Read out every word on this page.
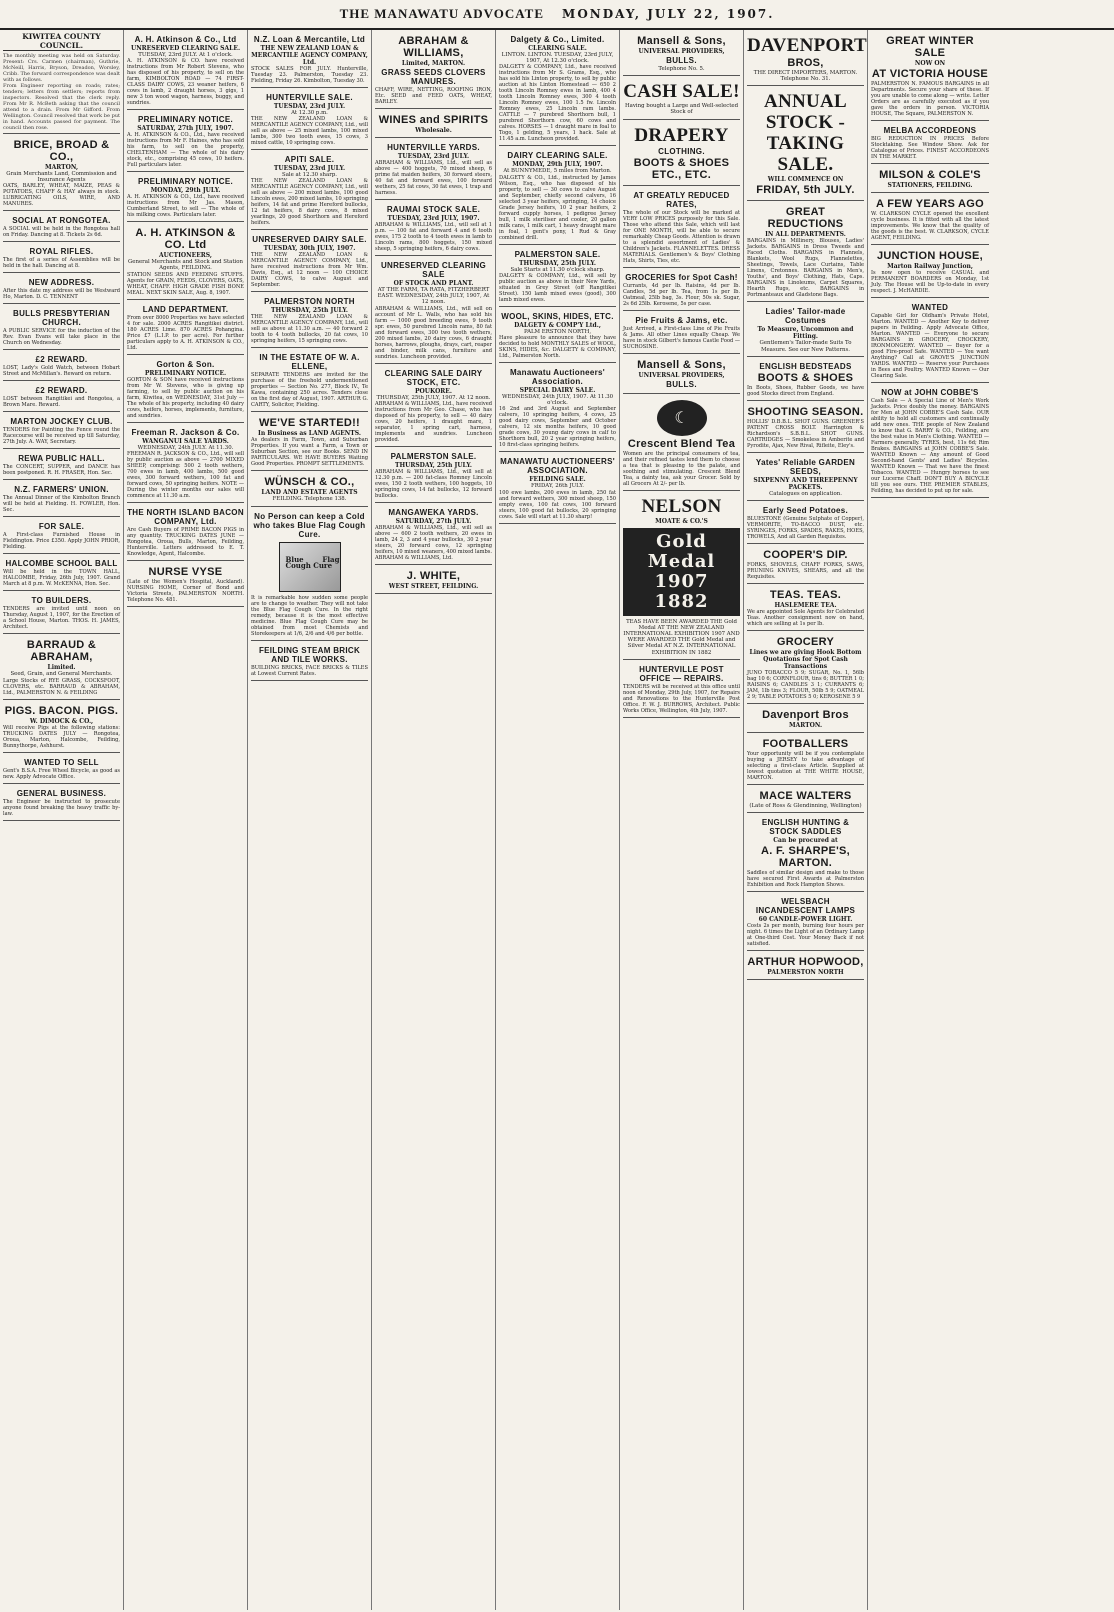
THE MANAWATU ADVOCATE MONDAY, JULY 22, 1907.
KIWITEA COUNTY COUNCIL.
The monthly meeting was held on Saturday. Present: Crs. Carmen (chairman), Guthrie, McNeill, Harris, Bryson, Dreadon, Worsley, Cribb. The forward correspondence was dealt with as follows.
From Engineer reporting on roads; rates; tenders; letters from settlers; reports from inspectors. Resolved that the clerk reply. From Mr R. McBeth asking that the council attend to a drain. From Mr Gifford. From Wellington. Council resolved that work be put in hand. Accounts passed for payment. The council then rose.
BRICE, BROAD & CO.,
MARTON,
Grain Merchants Land, Commission and Insurance Agents
OATS, BARLEY, WHEAT, MAIZE, PEAS & POTATOES, CHAFF & HAY always in stock. LUBRICATING OILS, WIRE, AND MANURES.
SOCIAL AT RONGOTEA.
A SOCIAL will be held in the Rongotea hall on Friday. Dancing at 8. Tickets 2s 6d.
ROYAL RIFLES.
The first of a series of Assemblies will be held in the hall. Dancing at 8.
NEW ADDRESS.
After this date my address will be Westward Ho, Marton. D. C. TENNENT
BULLS PRESBYTERIAN CHURCH.
A PUBLIC SERVICE for the induction of the Rev. Evan Evans will take place in the Church on Wednesday.
£2 REWARD.
LOST, Lady's Gold Watch, between Hobart Street and McMillan's. Reward on return.
£2 REWARD.
LOST between Rangitikei and Rongotea, a Brown Mare. Reward.
MARTON JOCKEY CLUB.
TENDERS for Painting the Fence round the Racecourse will be received up till Saturday, 27th July. A. WAY, Secretary.
REWA PUBLIC HALL.
The CONCERT, SUPPER, and DANCE has been postponed. R. H. FRASER, Hon. Sec.
N.Z. FARMERS' UNION.
The Annual Dinner of the Kimbolton Branch will be held at Fielding. H. FOWLER, Hon. Sec.
FOR SALE.
A First-class Furnished House in Fieldington. Price £350. Apply JOHN PRIOR, Fielding.
HALCOMBE SCHOOL BALL
Will be held in the TOWN HALL, HALCOMBE, Friday, 26th July, 1907. Grand March at 8 p.m. W. McKENNA, Hon. Sec.
TO BUILDERS.
TENDERS are invited until noon on Thursday, August 1, 1907, for the Erection of a School House, Marton. THOS. H. JAMES, Architect.
BARRAUD & ABRAHAM,
Limited.
Seed, Grain, and General Merchants.
Large Stocks of RYE GRASS, COCKSFOOT, CLOVERS, etc. BARRAUD & ABRAHAM, Ltd., PALMERSTON N. & FEILDING
PIGS. BACON. PIGS.
W. DIMOCK & CO.,
Will receive Pigs at the following stations: TRUCKING DATES JULY — Rongotea, Oroua, Marton, Halcombe, Feilding, Bunnythorpe, Ashhurst.
WANTED TO SELL
Gent's B.S.A. Free Wheel Bicycle, as good as new. Apply Advocate Office.
GENERAL BUSINESS.
The Engineer be instructed to prosecute anyone found breaking the heavy traffic by-law.
A. H. Atkinson & Co., Ltd
UNRESERVED CLEARING SALE.
TUESDAY, 23rd JULY. At 1 o'clock.
A. H. ATKINSON & CO. have received instructions from Mr Robert Stevens, who has disposed of his property, to sell on the farm, KIMBOLTON ROAD — 74 FIRST-CLASS DAIRY COWS, 23 weaner heifers, 6 cows in lamb, 2 draught horses, 3 gigs, 1 new 3 ton wood wagon, harness, buggy, and sundries.
PRELIMINARY NOTICE.
SATURDAY, 27th JULY, 1907.
A. H. ATKINSON & CO., Ltd., have received instructions from Mr F. Haines, who has sold his farm, to sell on the property, CHELTENHAM — The whole of his dairy stock, etc., comprising 45 cows, 10 heifers. Full particulars later.
PRELIMINARY NOTICE.
MONDAY, 29th JULY.
A. H. ATKINSON & CO., Ltd., have received instructions from Mr Jas. Mason, Cumberland Street, to sell — The whole of his milking cows. Particulars later.
A. H. ATKINSON & CO. Ltd
AUCTIONEERS,
General Merchants and Stock and Station Agents, FEILDING.
STATION SEEDS AND FEEDING STUFFS. Agents for GRAIN, FEEDS, CLOVERS, OATS, WHEAT, CHAFF. HIGH GRADE FISH BONE MEAL. NEXT SKIN SALE, Aug. 8, 1907.
LAND DEPARTMENT.
From over 8000 Properties we have selected 4 for sale. 2000 ACRES Rangitikei district. 180 ACRES Lime. 870 ACRES Pohangina. Price £7 (L.I.P. to per acre). For further particulars apply to A. H. ATKINSON & CO., Ltd.
Gorton & Son.
PRELIMINARY NOTICE.
GORTON & SON have received instructions from Mr W. Stevens, who is giving up farming, to sell by public auction on his farm, Kiwitea, on WEDNESDAY, 31st July — The whole of his property, including 40 dairy cows, heifers, horses, implements, furniture, and sundries.
Freeman R. Jackson & Co.
WANGANUI SALE YARDS.
WEDNESDAY, 24th JULY. At 11.30.
FREEMAN R. JACKSON & CO., Ltd., will sell by public auction as above — 2700 MIXED SHEEP, comprising: 500 2 tooth wethers, 700 ewes in lamb, 400 lambs, 500 good ewes, 300 forward wethers, 100 fat and forward cows, 50 springing heifers. NOTE — During the winter months our sales will commence at 11.30 a.m.
THE NORTH ISLAND BACON COMPANY, Ltd.
Are Cash Buyers of PRIME BACON PIGS in any quantity. TRUCKING DATES JUNE — Rongotea, Oroua, Bulls, Marton, Feilding, Hunterville. Letters addressed to E. T. Knowledge, Agent, Halcombe.
NURSE VYSE
(Late of the Women's Hospital, Auckland). NURSING HOME, Corner of Bond and Victoria Streets, PALMERSTON NORTH. Telephone No. 481.
N.Z. Loan & Mercantile, Ltd
THE NEW ZEALAND LOAN & MERCANTILE AGENCY COMPANY, Ltd.
STOCK SALES FOR JULY. Hunterville, Tuesday 23. Palmerston, Tuesday 23. Fielding, Friday 26. Kimbolton, Tuesday 30.
HUNTERVILLE SALE.
TUESDAY, 23rd JULY.
At 12.30 p.m.
THE NEW ZEALAND LOAN & MERCANTILE AGENCY COMPANY, Ltd., will sell as above — 25 mixed lambs, 100 mixed lambs, 300 two tooth ewes, 15 cows, 3 mixed cattle, 10 springing cows.
APITI SALE.
TUESDAY, 23rd JULY.
Sale at 12.30 sharp.
THE NEW ZEALAND LOAN & MERCANTILE AGENCY COMPANY, Ltd., will sell as above — 200 mixed lambs, 100 good Lincoln ewes, 200 mixed lambs, 10 springing heifers, 14 fat and prime Hereford bullocks, 12 fat heifers, 8 dairy cows, 8 mixed yearlings, 20 good Shorthorn and Hereford heifers.
UNRESERVED DAIRY SALE.
TUESDAY, 30th JULY, 1907.
THE NEW ZEALAND LOAN & MERCANTILE AGENCY COMPANY, Ltd., have received instructions from Mr Wm. Davis, Esq., at 12 noon — 100 CHOICE DAIRY COWS, to calve August and September.
PALMERSTON NORTH
THURSDAY, 25th JULY.
THE NEW ZEALAND LOAN & MERCANTILE AGENCY COMPANY, Ltd., will sell as above at 11.30 a.m. — 40 forward 2 tooth to 4 tooth bullocks, 20 fat cows, 10 springing heifers, 15 springing cows.
IN THE ESTATE OF W. A. ELLENE,
SEPARATE TENDERS are invited for the purchase of the freehold undermentioned properties — Section No. 277, Block IV., Te Kawa, containing 250 acres. Tenders close on the first day of August, 1907. ARTHUR G. CARTY, Solicitor, Fielding.
WE'VE STARTED!!
In Business as LAND AGENTS.
As dealers in Farm, Town, and Suburban Properties. If you want a Farm, a Town or Suburban Section, see our Books. SEND IN PARTICULARS. WE HAVE BUYERS Waiting Good Properties. PROMPT SETTLEMENTS.
WÜNSCH & CO.,
LAND AND ESTATE AGENTS
FEILDING. Telephone 138.
No Person can keep a Cold who takes Blue Flag Cough Cure.
Blue Flag Cough Cure
It is remarkable how sudden some people are to change to weather. They will not take the Blue Flag Cough Cure. In the right remedy, because it is the most effective medicine. Blue Flag Cough Cure may be obtained from most Chemists and Storekeepers at 1/6, 2/6 and 4/6 per bottle.
FEILDING STEAM BRICK AND TILE WORKS.
BUILDING BRICKS, FACE BRICKS & TILES at Lowest Current Rates.
ABRAHAM & WILLIAMS,
Limited, MARTON.
GRASS SEEDS CLOVERS MANURES.
CHAFF, WIRE, NETTING, ROOFING IRON, Etc. SEED and FEED OATS, WHEAT, BARLEY.
WINES and SPIRITS
Wholesale.
HUNTERVILLE YARDS.
TUESDAY, 23rd JULY.
ABRAHAM & WILLIAMS, Ltd., will sell as above — 400 hoggets, 70 mixed sheep, 6 prime fat maiden heifers, 30 forward steers, 40 fat and forward ewes, 100 forward wethers, 25 fat cows, 30 fat ewes, 1 trap and harness.
RAUMAI STOCK SALE.
TUESDAY, 23rd JULY, 1907.
ABRAHAM & WILLIAMS, Ltd., will sell at 1 p.m. — 100 fat and forward 4 and 6 tooth ewes, 175 2 tooth to 4 tooth ewes in lamb to Lincoln rams, 800 hoggets, 150 mixed sheep, 5 springing heifers, 6 dairy cows.
UNRESERVED CLEARING SALE
OF STOCK AND PLANT.
AT THE FARM, TA RATA, FITZHERBERT EAST. WEDNESDAY, 24th JULY, 1907, At 12 noon.
ABRAHAM & WILLIAMS, Ltd., will sell on account of Mr L. Walls, who has sold his farm — 1000 good breeding ewes, 9 tooth spr. ewes, 50 purebred Lincoln rams, 80 fat and forward ewes, 300 two tooth wethers, 200 mixed lambs, 20 dairy cows, 6 draught horses, harrows, ploughs, drays, cart, reaper and binder, milk cans, furniture and sundries. Luncheon provided.
CLEARING SALE DAIRY STOCK, ETC.
POUKORE.
THURSDAY, 25th JULY, 1907. At 12 noon.
ABRAHAM & WILLIAMS, Ltd., have received instructions from Mr Geo. Chase, who has disposed of his property, to sell — 40 dairy cows, 20 heifers, 1 draught mare, 1 separator, 1 spring cart, harness, implements and sundries. Luncheon provided.
PALMERSTON SALE.
THURSDAY, 25th JULY.
ABRAHAM & WILLIAMS, Ltd., will sell at 12.30 p.m. — 200 fat-class Romney Lincoln ewes, 150 2 tooth wethers, 100 hoggets, 10 springing cows, 14 fat bullocks, 12 forward bullocks.
MANGAWEKA YARDS.
SATURDAY, 27th JULY.
ABRAHAM & WILLIAMS, Ltd., will sell as above — 600 2 tooth wethers, 20 ewes in lamb, 24 2, 3 and 4 year bullocks, 30 2 year steers, 20 forward cows, 12 springing heifers, 10 mixed weaners, 400 mixed lambs. ABRAHAM & WILLIAMS, Ltd.
J. WHITE,
WEST STREET, FEILDING.
Dalgety & Co., Limited.
CLEARING SALE.
LINTON. LINTON. TUESDAY, 23rd JULY, 1907, At 12.30 o'clock.
DALGETY & COMPANY, Ltd., have received instructions from Mr S. Grams, Esq., who has sold his Linton property, to sell by public auction at his Linton Homestead — 650 2 tooth Lincoln Romney ewes in lamb, 400 4 tooth Lincoln Romney ewes, 300 4 tooth Lincoln Romney ewes, 100 1.5 fw. Lincoln Romney ewes, 25 Lincoln ram lambs. CATTLE — 7 purebred Shorthorn bull, 1 purebred Shorthorn cow, 60 cows and calves. HORSES — 1 draught mare in foal to Togo, 1 gelding, 5 years, 1 hack. Sale at 11.45 a.m. Luncheon provided.
DAIRY CLEARING SALE.
MONDAY, 29th JULY, 1907.
At BUNNYMEDE, 5 miles from Marton.
DALGETY & CO., Ltd., instructed by James Wilson, Esq., who has disposed of his property, to sell — 30 cows to calve August and September, chiefly second calvers, 16 selected 3 year heifers, springing, 14 choice Grade Jersey heifers, 10 2 year heifers, 2 forward cupply horses, 1 pedigree Jersey bull, 1 milk steriliser and cooler, 20 gallon milk cans, 1 milk cart, 1 heavy draught mare in foal, 1 gent's pony, 1 Rud & Gray combined drill.
PALMERSTON SALE.
THURSDAY, 25th JULY.
Sale Starts at 11.30 o'clock sharp.
DALGETY & COMPANY, Ltd., will sell by public auction as above in their New Yards, situated in Grey Street (off Rangitikei Street). 150 lamb mixed ewes (good), 300 lamb mixed ewes.
WOOL, SKINS, HIDES, ETC.
DALGETY & COMP'Y Ltd.,
PALM ERSTON NORTH,
Have pleasure to announce that they have decided to hold MONTHLY SALES of WOOL, SKINS, HIDES, &c. DALGETY & COMPANY, Ltd., Palmerston North.
Manawatu Auctioneers' Association.
SPECIAL DAIRY SALE.
WEDNESDAY, 24th JULY, 1907. At 11.30 o'clock.
16 2nd and 3rd August and September calvers, 10 springing heifers, 4 cows, 25 good dairy cows, September and October calvers, 12 six months heifers, 10 good grade cows, 30 young dairy cows in calf to Shorthorn bull, 20 2 year springing heifers, 10 first-class springing heifers.
MANAWATU AUCTIONEERS' ASSOCIATION.
FEILDING SALE.
FRIDAY, 26th JULY.
100 ewe lambs, 200 ewes in lamb, 250 fat and forward wethers, 300 mixed sheep, 150 empty ewes, 100 fat cows, 100 forward steers, 100 good fat bullocks, 20 springing cows. Sale will start at 11.30 sharp!
Mansell & Sons,
UNIVERSAL PROVIDERS,
BULLS.
Telephone No. 5.
CASH SALE!
Having bought a Large and Well-selected Stock of
DRAPERY
CLOTHING.
BOOTS & SHOES ETC., ETC.
AT GREATLY REDUCED RATES,
The whole of our Stock will be marked at VERY LOW PRICES purposely for this Sale. Those who attend this Sale, which will last for ONE MONTH, will be able to secure remarkably Cheap Goods. Attention is drawn to a splendid assortment of Ladies' & Children's Jackets. FLANNELETTES. DRESS MATERIALS. Gentlemen's & Boys' Clothing Hats, Shirts, Ties, etc.
GROCERIES for Spot Cash!
Currants, 4d per lb. Raisins, 4d per lb. Candles, 5d per lb. Tea, from 1s per lb. Oatmeal, 25lb bag, 3s. Flour, 50s sk. Sugar, 2s 6d 25lb. Kerosene, 5s per case.
Pie Fruits & Jams, etc.
Just Arrived, a First-class Line of Pie Fruits & Jams. All other Lines equally Cheap. We have in stock Gilbert's famous Castle Food — SUCROSINE.
Mansell & Sons,
UNIVERSAL PROVIDERS,
BULLS.
☾
Crescent Blend Tea
Women are the principal consumers of tea, and their refined tastes lend them to choose a tea that is pleasing to the palate, and soothing and stimulating. Crescent Blend Tea, a dainty tea, ask your Grocer. Sold by all Grocers At 2/- per lb.
NELSON
MOATE & CO.'S
Gold Medal
1907
1882
TEAS HAVE BEEN AWARDED THE Gold Medal AT THE NEW ZEALAND INTERNATIONAL EXHIBITION 1907 AND WERE AWARDED THE Gold Medal and Silver Medal AT N.Z. INTERNATIONAL EXHIBITION IN 1882
HUNTERVILLE POST OFFICE — REPAIRS.
TENDERS will be received at this office until noon of Monday, 29th July, 1907, for Repairs and Renovations to the Hunterville Post Office. F. W. J. BURROWS, Architect. Public Works Office, Wellington, 4th July, 1907.
DAVENPORT
BROS,
THE DIRECT IMPORTERS, MARTON. Telephone No. 31.
ANNUAL STOCK - TAKING SALE.
WILL COMMENCE ON
FRIDAY, 5th JULY.
GREAT REDUCTIONS
IN ALL DEPARTMENTS.
BARGAINS in Millinery, Blouses, Ladies' Jackets. BARGAINS in Dress Tweeds and Faced Cloths. BARGAINS in Flannels, Blankets, Wool Rugs, Flannelettes, Sheetings, Towels, Lace Curtains, Table Linens, Cretonnes. BARGAINS in Men's, Youths', and Boys' Clothing, Hats, Caps. BARGAINS in Linoleums, Carpet Squares, Hearth Rugs, etc. BARGAINS in Portmanteaux and Gladstone Bags.
Ladies' Tailor-made Costumes
To Measure, Uncommon and Fitting.
Gentlemen's Tailor-made Suits To Measure. See our New Patterns.
ENGLISH BEDSTEADS
BOOTS & SHOES
In Boots, Shoes, Rubber Goods, we have good Stocks direct from England.
SHOOTING SEASON.
HOLLIS' D.B.B.L. SHOT GUNS. GREENER'S PATENT CROSS BOLT. Harrington & Richardson's S.B.B.L. SHOT GUNS. CARTRIDGES — Smokeless in Amberite and Pyrodite, Ajax, New Rival, Rifleite, Eley's.
Yates' Reliable GARDEN SEEDS,
SIXPENNY AND THREEPENNY PACKETS.
Catalogues on application.
Early Seed Potatoes.
BLUESTONE (Genuine Sulphate of Copper), VERMORITE, TO-BACCO DUST, etc. SYRINGES, FORKS, SPADES, RAKES, HOES, TROWELS, And all Garden Requisites.
COOPER'S DIP.
FORKS, SHOVELS, CHAFF FORKS, SAWS, PRUNING KNIVES, SHEARS, and all the Requisites.
TEAS. TEAS.
HASLEMERE TEA.
We are appointed Sole Agents for Celebrated Teas. Another consignment now on hand, which are selling at 1s per lb.
GROCERY
Lines we are giving Hook Bottom Quotations for Spot Cash Transactions
JUNO TOBACCO 5 9; SUGAR, No. 1, 56lb bag 10 6; CORNFLOUR, tins 6; BUTTER 1 0; RAISINS 6; CANDLES 3 1; CURRANTS 6; JAM, 1lb tins 3; FLOUR, 50lb 5 9; OATMEAL 2 9; TABLE POTATOES 5 0; KEROSENE 5 9
Davenport Bros
MARTON.
FOOTBALLERS
Your opportunity will be if you contemplate buying a JERSEY to take advantage of selecting a first-class Article. Supplied at lowest quotation at THE WHITE HOUSE, MARTON.
MACE WALTERS
(Late of Ross & Glendinning, Wellington)
ENGLISH HUNTING & STOCK SADDLES
Can be procured at
A. F. SHARPE'S, MARTON.
Saddles of similar design and make to those have secured First Awards at Palmerston Exhibition and Rock Hampton Shows.
WELSBACH INCANDESCENT LAMPS
60 CANDLE-POWER LIGHT.
Costs 2s per month, burning four hours per night. 6 times the Light of an Ordinary Lamp at One-third Cost. Your Money Back if not satisfied.
ARTHUR HOPWOOD,
PALMERSTON NORTH
GREAT WINTER SALE
NOW ON
AT VICTORIA HOUSE
PALMERSTON N. FAMOUS BARGAINS in all Departments. Secure your share of these. If you are unable to come along — write. Letter Orders are as carefully executed as if you gave the orders in person. VICTORIA HOUSE, The Square, PALMERSTON N.
MELBA ACCORDEONS
BIG REDUCTION IN PRICES Before Stocktaking. See Window Show. Ask for Catalogue of Prices. FINEST ACCORDEONS IN THE MARKET.
MILSON & COLE'S
STATIONERS, FEILDING.
A FEW YEARS AGO
W. CLARKSON CYCLE opened the excellent cycle business. It is fitted with all the latest improvements. We know that the quality of the goods is the best. W. CLARKSON, CYCLE AGENT, FEILDING.
JUNCTION HOUSE,
Marton Railway Junction,
Is now open to receive CASUAL and PERMANENT BOARDERS on Monday, 1st July. The House will be Up-to-date in every respect. J. McHARDIE.
WANTED
Capable Girl for Oldham's Private Hotel, Marton. WANTED — Another Key to deliver papers in Feilding. Apply Advocate Office, Marton. WANTED — Everyone to secure BARGAINS in GROCERY, CROCKERY, IRONMONGERY. WANTED — Buyer for a good Fire-proof Safe. WANTED — You want Anything? Call at GROVE'S JUNCTION YARDS. WANTED — Reserve your Purchases in Bees and Poultry. WANTED Known — Our Clearing Sale.
NOW at JOHN COBBE'S
Cash Sale — A Special Line of Men's Work Jackets. Price doubly the money. BARGAINS for Men at JOHN COBBE'S Cash Sale. OUR ability to hold all customers and continually add new ones. THE people of New Zealand to know that G. BARRY & CO., Feilding, are the best value in Men's Clothing. WANTED — Farmers generally. TYRES, best, 11s 6d; Rim Brakes. BARGAINS at JOHN COBBE'S Sale. WANTED Known — Any amount of Good Second-hand Gents' and Ladies' Bicycles. WANTED Known — That we have the finest Tobacco. WANTED — Hungry horses to see our Lucerne Chaff. DON'T BUY A BICYCLE till you see ours. THE PREMIER STABLES, Feilding, has decided to put up for sale.
